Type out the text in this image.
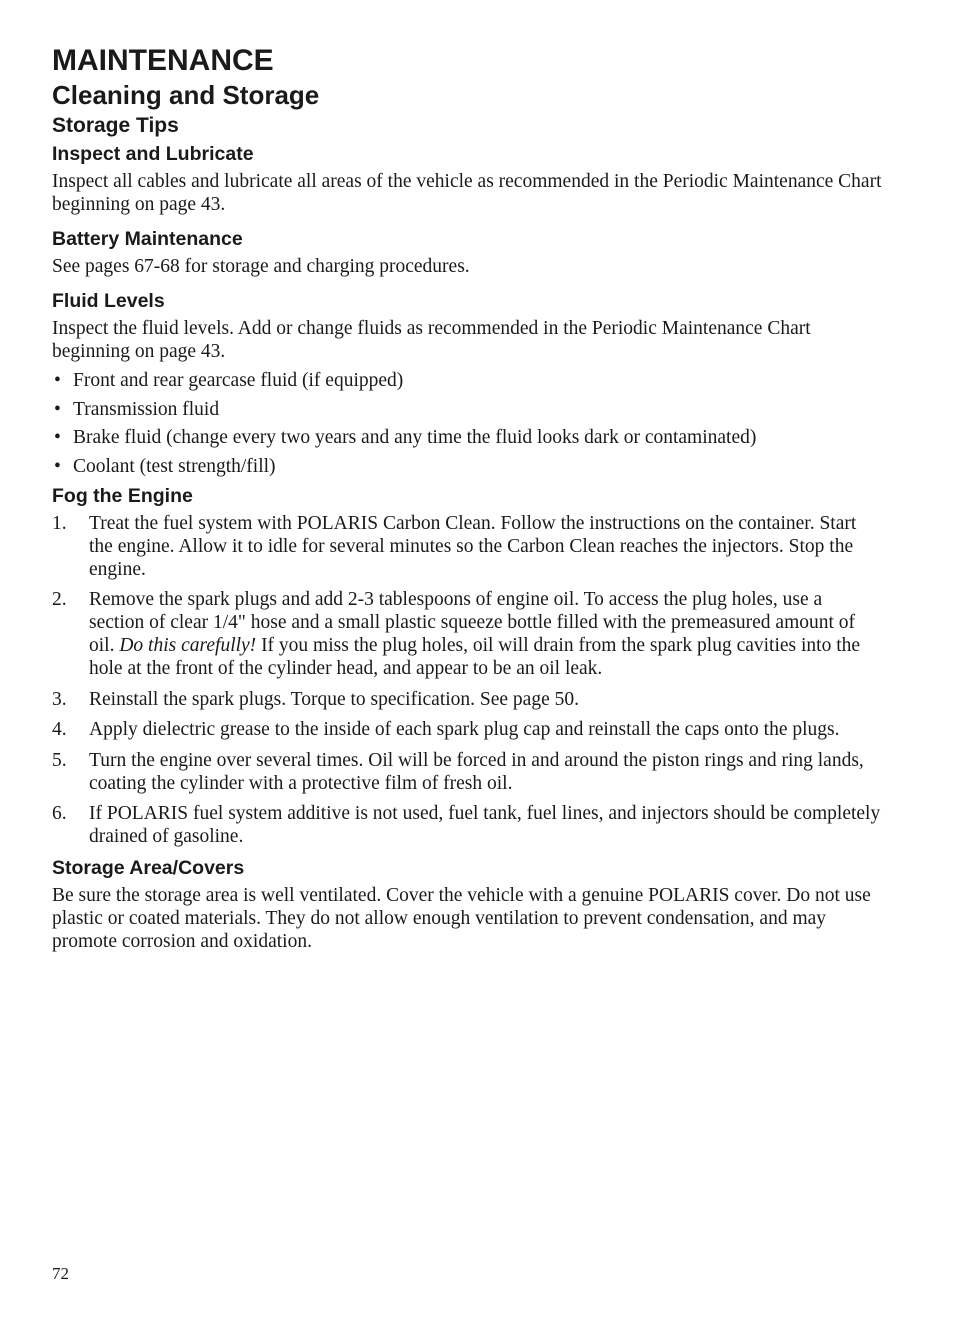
MAINTENANCE
Cleaning and Storage
Storage Tips
Inspect and Lubricate

Inspect all cables and lubricate all areas of the vehicle as recommended in the Periodic Maintenance Chart beginning on page 43.

Battery Maintenance

See pages 67-68 for storage and charging procedures.

Fluid Levels

Inspect the fluid levels. Add or change fluids as recommended in the Periodic Maintenance Chart beginning on page 43.

• Front and rear gearcase fluid (if equipped)
• Transmission fluid
• Brake fluid (change every two years and any time the fluid looks dark or contaminated)
• Coolant (test strength/fill)
Fog the Engine
1. Treat the fuel system with POLARIS Carbon Clean. Follow the instructions on the container. Start the engine. Allow it to idle for several minutes so the Carbon Clean reaches the injectors. Stop the engine.
2. Remove the spark plugs and add 2-3 tablespoons of engine oil. To access the plug holes, use a section of clear 1/4" hose and a small plastic squeeze bottle filled with the premeasured amount of oil. Do this carefully! If you miss the plug holes, oil will drain from the spark plug cavities into the hole at the front of the cylinder head, and appear to be an oil leak.
3. Reinstall the spark plugs. Torque to specification. See page 50.
4. Apply dielectric grease to the inside of each spark plug cap and reinstall the caps onto the plugs.
5. Turn the engine over several times. Oil will be forced in and around the piston rings and ring lands, coating the cylinder with a protective film of fresh oil.
6. If POLARIS fuel system additive is not used, fuel tank, fuel lines, and injectors should be completely drained of gasoline.
Storage Area/Covers

Be sure the storage area is well ventilated. Cover the vehicle with a genuine POLARIS cover. Do not use plastic or coated materials. They do not allow enough ventilation to prevent condensation, and may promote corrosion and oxidation.

72
